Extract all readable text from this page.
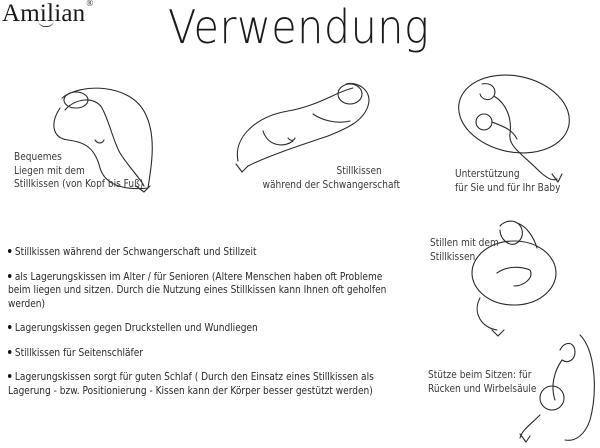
Amilian® Verwendung
Bequemes
Liegen mit dem
Stillkissen (von Kopf bis Fuß)
Stillkissen
während der Schwangerschaft
Unterstützung
für Sie und für Ihr Baby
Stillen mit dem
Stillkissen
Stütze beim Sitzen: für
Rücken und Wirbelsäule
Stillkissen während der Schwangerschaft und Stillzeit
als Lagerungskissen im Alter / für Senioren (Altere Menschen haben oft Probleme
beim liegen und sitzen. Durch die Nutzung eines Stillkissen kann Ihnen oft geholfen
werden)
Lagerungskissen gegen Druckstellen und Wundliegen
Stillkissen für Seitenschläfer
Lagerungskissen sorgt für guten Schlaf ( Durch den Einsatz eines Stillkissen als
Lagerung - bzw. Positionierung - Kissen kann der Körper besser gestützt werden)
